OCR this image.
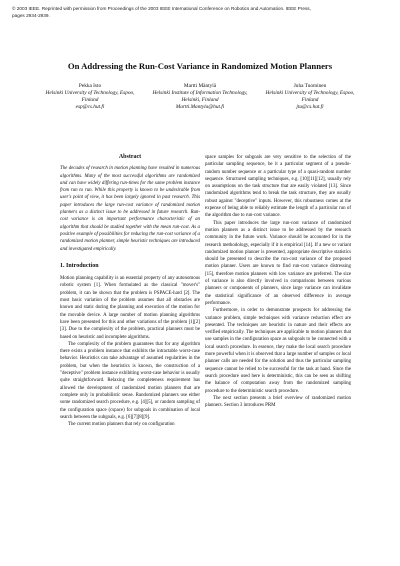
© 2003 IEEE. Reprinted with permission from Proceedings of the 2003 IEEE International Conference on Robotics and Automation. IEEE Press, pages 2934-2939.
On Addressing the Run-Cost Variance in Randomized Motion Planners
Pekka Isto
Helsinki University of Technology, Espoo, Finland
esp@cs.hut.fi
Martti Mäntylä
Helsinki Institute of Information Technology, Helsinki, Finland
Martti.Mantyla@hut.fi
Juha Tuominen
Helsinki University of Technology, Espoo, Finland
jtu@cs.hut.fi
Abstract
The decades of research in motion planning have resulted in numerous algorithms. Many of the most successful algorithms are randomized and can have widely differing run-times for the same problem instance from run to run. While this property is known to be undesirable from user's point of view, it has been largely ignored in past research. This paper introduces the large run-cost variance of randomized motion planners as a distinct issue to be addressed in future research. Run-cost variance is an important performance characteristic of an algorithm that should be studied together with the mean run-cost. As a positive example of possibilities for reducing the run-cost variance of a randomized motion planner, simple heuristic techniques are introduced and investigated empirically.
1. Introduction

Motion planning capability is an essential property of any autonomous robotic system [1]. When formulated as the classical "mover's" problem, it can be shown that the problem is PSPACE-hard [2]. The most basic variation of the problem assumes that all obstacles are known and static during the planning and execution of the motion for the movable device. A large number of motion planning algorithms have been presented for this and other variations of the problem [1][2][3]. Due to the complexity of the problem, practical planners must be based on heuristic and incomplete algorithms.

The complexity of the problem guarantees that for any algorithm there exists a problem instance that exhibits the intractable worst-case behavior. Heuristics can take advantage of assumed regularities in the problem, but when the heuristics is known, the construction of a "deceptive" problem instance exhibiting worst-case behavior is usually quite straightforward. Relaxing the completeness requirement has allowed the development of randomized motion planners that are complete only in probabilistic sense. Randomized planners use either some randomized search procedure, e.g. [4][5], or random sampling of the configuration space (cspace) for subgoals in combination of local search between the subgoals, e.g. [6][7][8][9].

The current motion planners that rely on configuration

space samples for subgoals are very sensitive to the selection of the particular sampling sequence, be it a particular segment of a pseudo-random number sequence or a particular type of a quasi-random number sequence. Structured sampling techniques, e.g. [10][11][12], usually rely on assumptions on the task structure that are easily violated [13]. Since randomized algorithms tend to break the task structure, they are usually robust against "deceptive" inputs. However, this robustness comes at the expense of being able to reliably estimate the length of a particular run of the algorithm due to run-cost variance.

This paper introduces the large run-cost variance of randomized motion planners as a distinct issue to be addressed by the research community in the future work. Variance should be accounted for in the research methodology, especially if it is empirical [14]. If a new or variant randomized motion planner is presented, appropriate descriptive statistics should be presented to describe the run-cost variance of the proposed motion planner. Users are known to find run-cost variance distressing [15], therefore motion planners with low variance are preferred. The size of variance is also directly involved in comparisons between various planners or components of planners, since large variance can invalidate the statistical significance of an observed difference in average performance.

Furthermore, in order to demonstrate prospects for addressing the variance problem, simple techniques with variance reduction effect are presented. The techniques are heuristic in nature and their effects are verified empirically. The techniques are applicable to motion planners that use samples in the configuration space as subgoals to be connected with a local search procedure. In essence, they make the local search procedure more powerful when it is observed that a large number of samples or local planner calls are needed for the solution and thus the particular sampling sequence cannot be relied to be successful for the task at hand. Since the search procedure used here is deterministic, this can be seen as shifting the balance of computation away from the randomized sampling procedure to the deterministic search procedure.

The next section presents a brief overview of randomized motion planners. Section 3 introduces PRM
